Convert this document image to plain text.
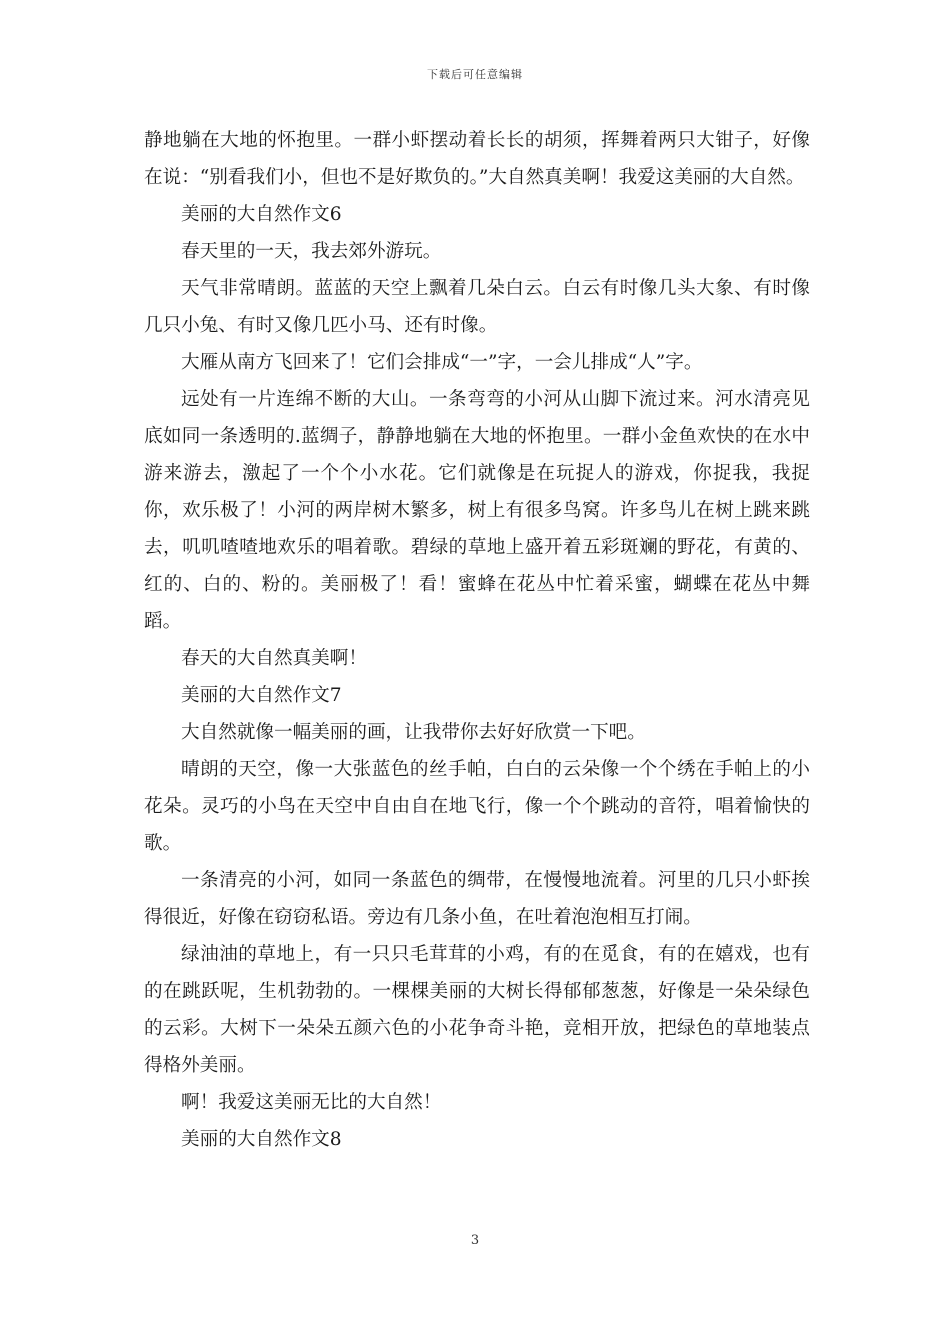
下载后可任意编辑

静地躺在大地的怀抱里。一群小虾摆动着长长的胡须，挥舞着两只大钳子，好像在说：“别看我们小，但也不是好欺负的。”大自然真美啊！我爱这美丽的大自然。

美丽的大自然作文6

春天里的一天，我去郊外游玩。

天气非常晴朗。蓝蓝的天空上飘着几朵白云。白云有时像几头大象、有时像几只小兔、有时又像几匹小马、还有时像。

大雁从南方飞回来了！它们会排成“一”字，一会儿排成“人”字。

远处有一片连绵不断的大山。一条弯弯的小河从山脚下流过来。河水清亮见底如同一条透明的.蓝绸子，静静地躺在大地的怀抱里。一群小金鱼欢快的在水中游来游去，激起了一个个小水花。它们就像是在玩捉人的游戏，你捉我，我捉你，欢乐极了！小河的两岸树木繁多，树上有很多鸟窝。许多鸟儿在树上跳来跳去，叽叽喳喳地欢乐的唱着歌。碧绿的草地上盛开着五彩斑斓的野花，有黄的、红的、白的、粉的。美丽极了！看！蜜蜂在花丛中忙着采蜜，蝴蝶在花丛中舞蹈。

春天的大自然真美啊！

美丽的大自然作文7

大自然就像一幅美丽的画，让我带你去好好欣赏一下吧。

晴朗的天空，像一大张蓝色的丝手帕，白白的云朵像一个个绣在手帕上的小花朵。灵巧的小鸟在天空中自由自在地飞行，像一个个跳动的音符，唱着愉快的歌。

一条清亮的小河，如同一条蓝色的绸带，在慢慢地流着。河里的几只小虾挨得很近，好像在窃窃私语。旁边有几条小鱼，在吐着泡泡相互打闹。

绿油油的草地上，有一只只毛茸茸的小鸡，有的在觅食，有的在嬉戏，也有的在跳跃呢，生机勃勃的。一棵棵美丽的大树长得郁郁葱葱，好像是一朵朵绿色的云彩。大树下一朵朵五颜六色的小花争奇斗艳，竞相开放，把绿色的草地装点得格外美丽。

啊！我爱这美丽无比的大自然！

美丽的大自然作文8

3
